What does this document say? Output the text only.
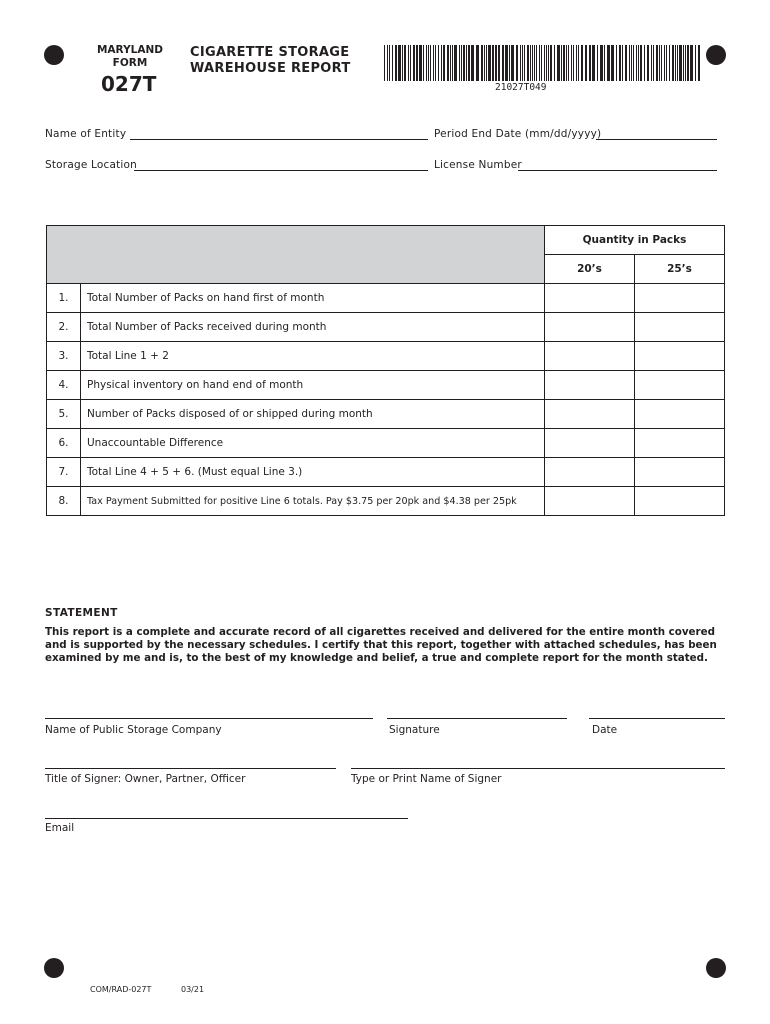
MARYLAND
FORM
027T
CIGARETTE STORAGE
WAREHOUSE REPORT
21027T049
Name of Entity	Period End Date (mm/dd/yyyy)
Storage Location	License Number
		Quantity in Packs	
		20’s	25’s
1.	Total Number of Packs on hand first of month		
2.	Total Number of Packs received during month		
3.	Total Line 1 + 2		
4.	Physical inventory on hand end of month		
5.	Number of Packs disposed of or shipped during month		
6.	Unaccountable Difference		
7.	Total Line 4 + 5 + 6. (Must equal Line 3.)		
8.	Tax Payment Submitted for positive Line 6 totals. Pay $3.75 per 20pk and $4.38 per 25pk		
STATEMENT
This report is a complete and accurate record of all cigarettes received and delivered for the entire month covered
and is supported by the necessary schedules. I certify that this report, together with attached schedules, has been
examined by me and is, to the best of my knowledge and belief, a true and complete report for the month stated.
Name of Public Storage Company	Signature	Date
Title of Signer: Owner, Partner, Officer	Type or Print Name of Signer
Email
COM/RAD-027T	03/21
